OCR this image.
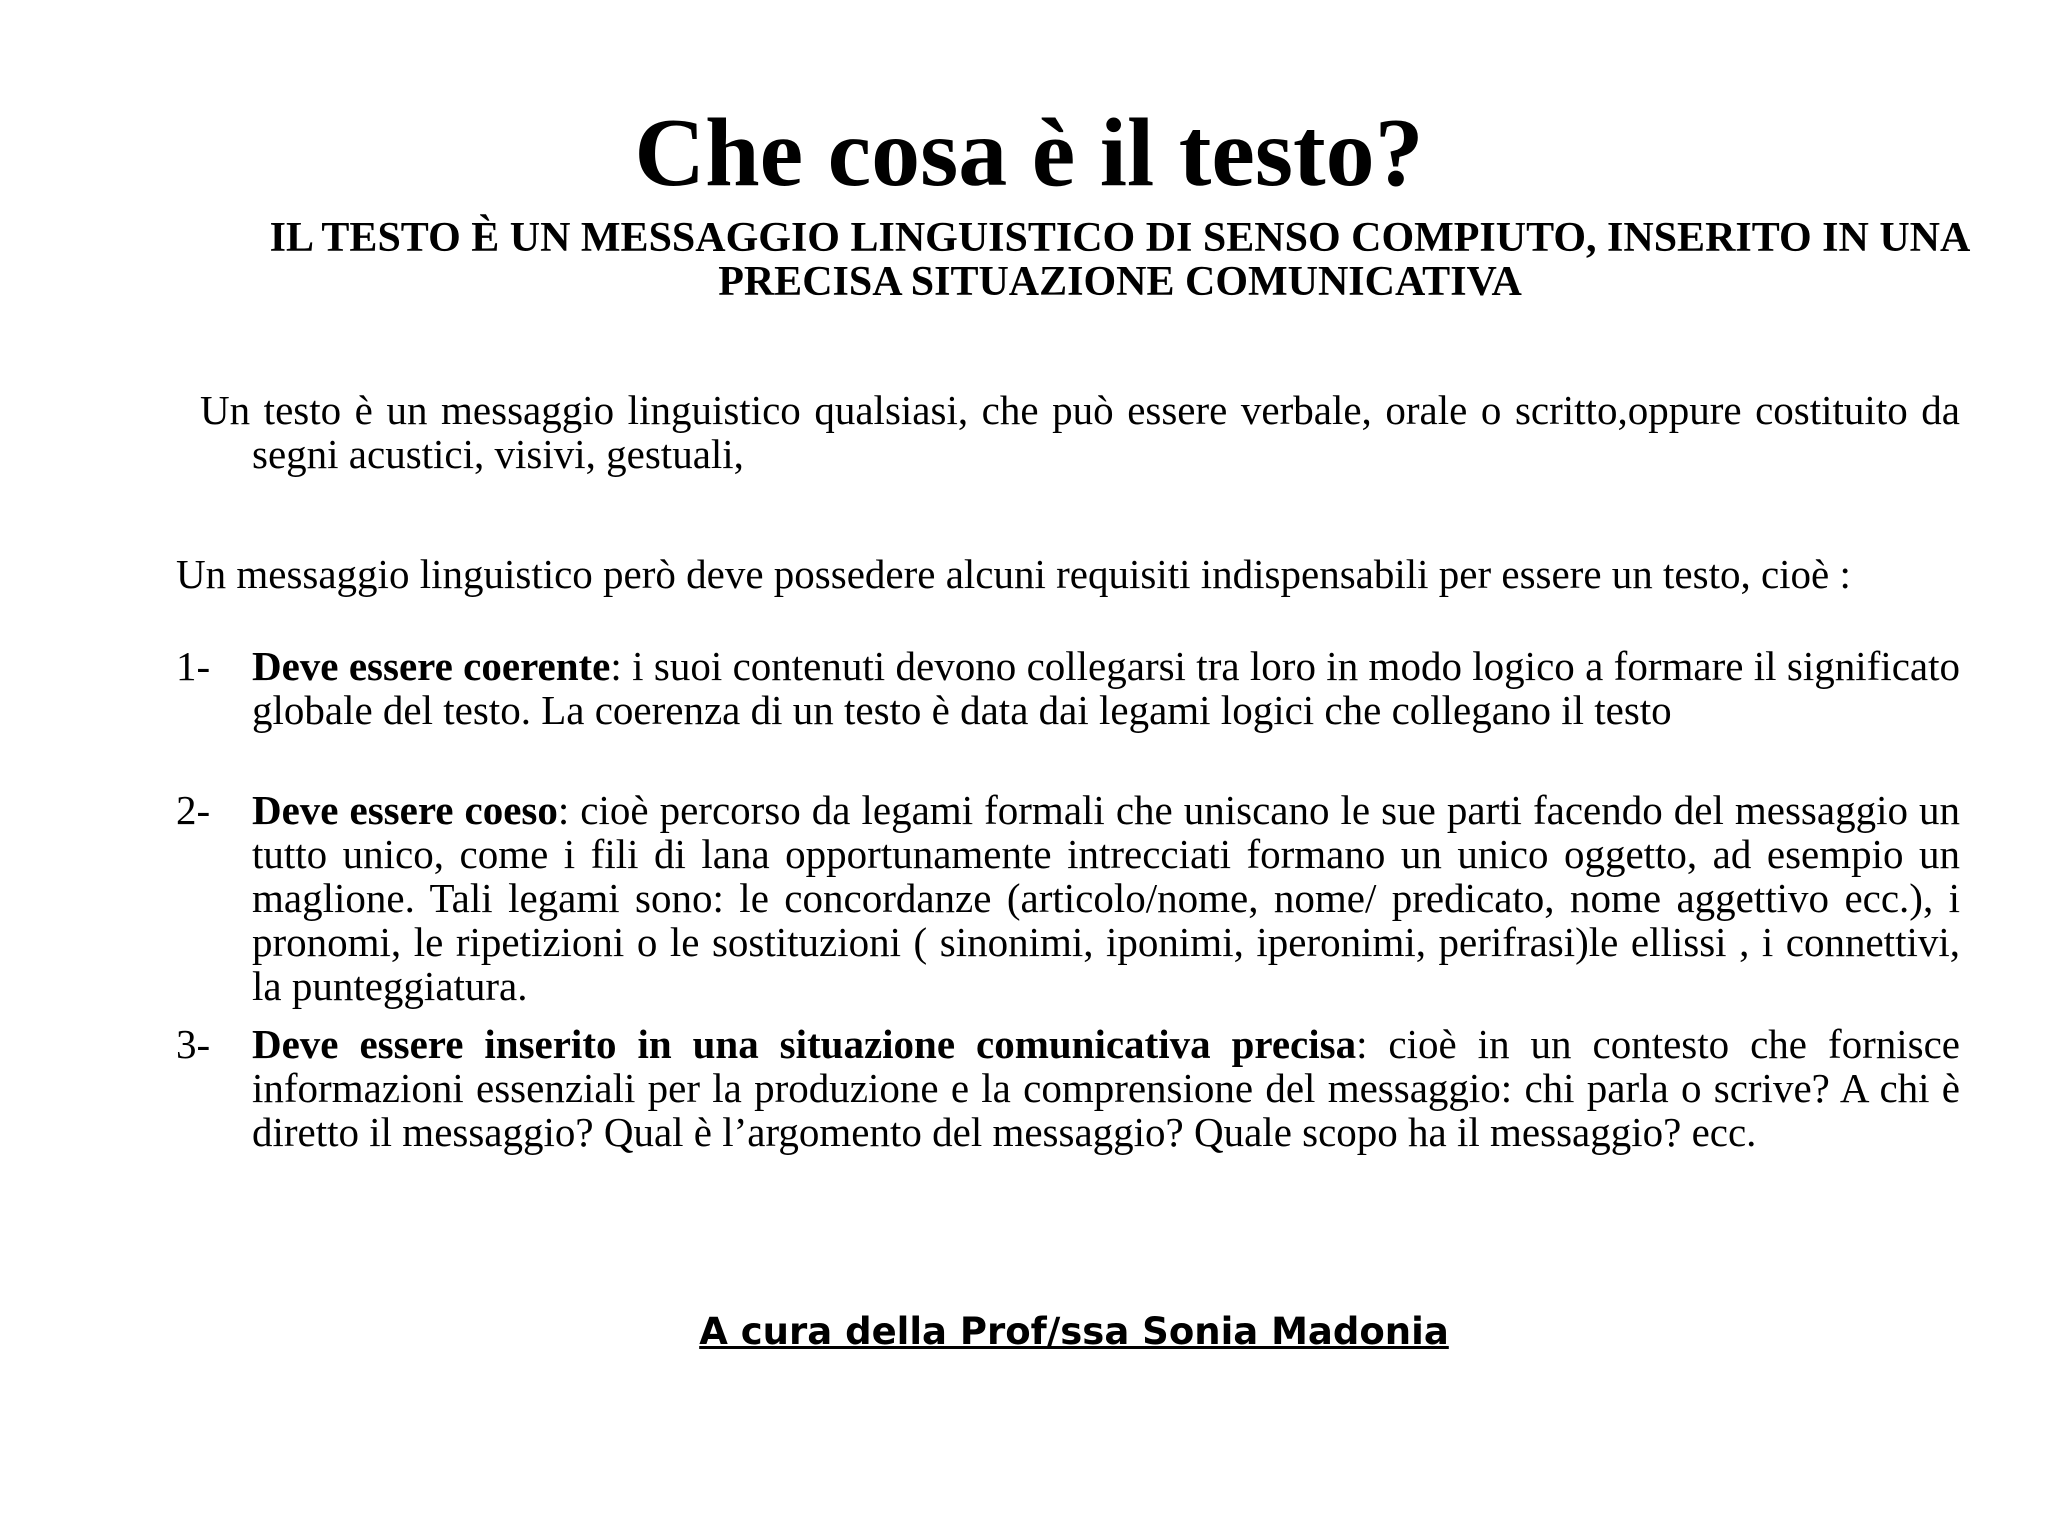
Che cosa è il testo?
IL TESTO È UN MESSAGGIO LINGUISTICO DI SENSO COMPIUTO, INSERITO IN UNA PRECISA SITUAZIONE COMUNICATIVA

Un testo è un messaggio linguistico qualsiasi, che può essere verbale, orale o scritto,oppure costituito da segni acustici, visivi, gestuali,

Un messaggio linguistico però deve possedere alcuni requisiti indispensabili per essere un testo, cioè :

1- Deve essere coerente: i suoi contenuti devono collegarsi tra loro in modo logico a formare il significato globale del testo. La coerenza di un testo è data dai legami logici che collegano il testo

2- Deve essere coeso: cioè percorso da legami formali che uniscano le sue parti facendo del messaggio un tutto unico, come i fili di lana opportunamente intrecciati formano un unico oggetto, ad esempio un maglione. Tali legami sono: le concordanze (articolo/nome, nome/ predicato, nome aggettivo ecc.), i pronomi, le ripetizioni o le sostituzioni ( sinonimi, iponimi, iperonimi, perifrasi)le ellissi , i connettivi, la punteggiatura.

3- Deve essere inserito in una situazione comunicativa precisa: cioè in un contesto che fornisce informazioni essenziali per la produzione e la comprensione del messaggio: chi parla o scrive? A chi è diretto il messaggio? Qual è l’argomento del messaggio? Quale scopo ha il messaggio? ecc.

A cura della Prof/ssa Sonia Madonia
